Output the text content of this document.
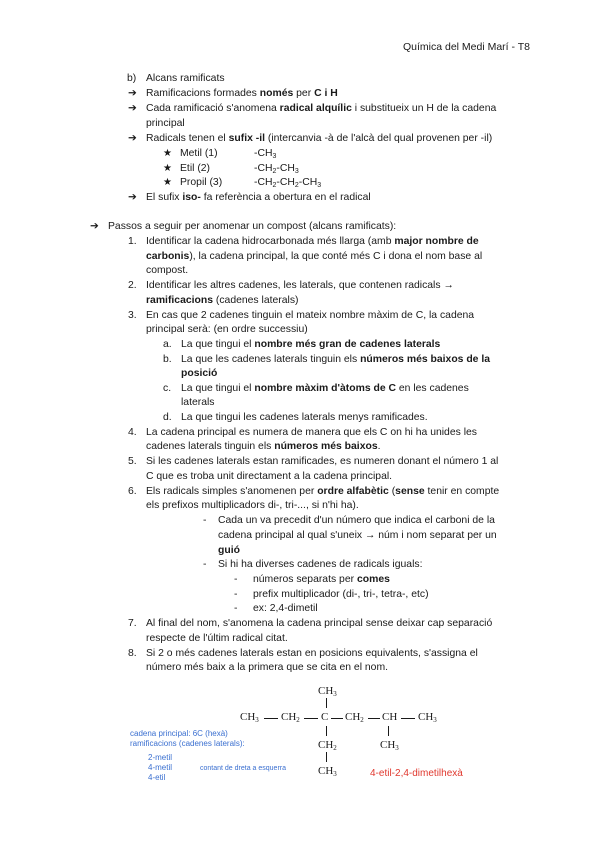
Química del Medi Marí - T8
b) Alcans ramificats
➔ Ramificacions formades només per C i H
➔ Cada ramificació s'anomena radical alquílic i substitueix un H de la cadena
principal
➔ Radicals tenen el sufix -il (intercanvia -à de l'alcà del qual provenen per -il)
★ Metil (1)	$-CH_3$
★ Etil (2)	$-CH_2-CH_3$
★ Propil (3)	$-CH_2-CH_2-CH_3$
➔ El sufix iso- fa referència a obertura en el radical
➔ Passos a seguir per anomenar un compost (alcans ramificats):
1. Identificar la cadena hidrocarbonada més llarga (amb major nombre de
carbonis), la cadena principal, la que conté més C i dona el nom base al
compost.
2. Identificar les altres cadenes, les laterals, que contenen radicals →
ramificacions (cadenes laterals)
3. En cas que 2 cadenes tinguin el mateix nombre màxim de C, la cadena
principal serà: (en ordre successiu)
a. La que tingui el nombre més gran de cadenes laterals
b. La que les cadenes laterals tinguin els números més baixos de la
posició
c. La que tingui el nombre màxim d'àtoms de C en les cadenes
laterals
d. La que tingui les cadenes laterals menys ramificades.
4. La cadena principal es numera de manera que els C on hi ha unides les
cadenes laterals tinguin els números més baixos.
5. Si les cadenes laterals estan ramificades, es numeren donant el número 1 al
C que es troba unit directament a la cadena principal.
6. Els radicals simples s'anomenen per ordre alfabètic (sense tenir en compte
els prefixos multiplicadors di-, tri-..., si n'hi ha).
- Cada un va precedit d'un número que indica el carboni de la
cadena principal al qual s'uneix → núm i nom separat per un
guió
- Si hi ha diverses cadenes de radicals iguals:
- números separats per comes
- prefix multiplicador (di-, tri-, tetra-, etc)
- ex: 2,4-dimetil
7. Al final del nom, s'anomena la cadena principal sense deixar cap separació
respecte de l'últim radical citat.
8. Si 2 o més cadenes laterals estan en posicions equivalents, s'assigna el
número més baix a la primera que se cita en el nom.
$CH_3$
$CH_3$ $CH_2$ C $CH_2$ CH $CH_3$
$CH_2$
$CH_3$
$CH_3$
cadena principal: 6C (hexà)
ramificacions (cadenes laterals):
2-metil
4-metil
4-etil
contant de dreta a esquerra	4-etil-2,4-dimetilhexà
